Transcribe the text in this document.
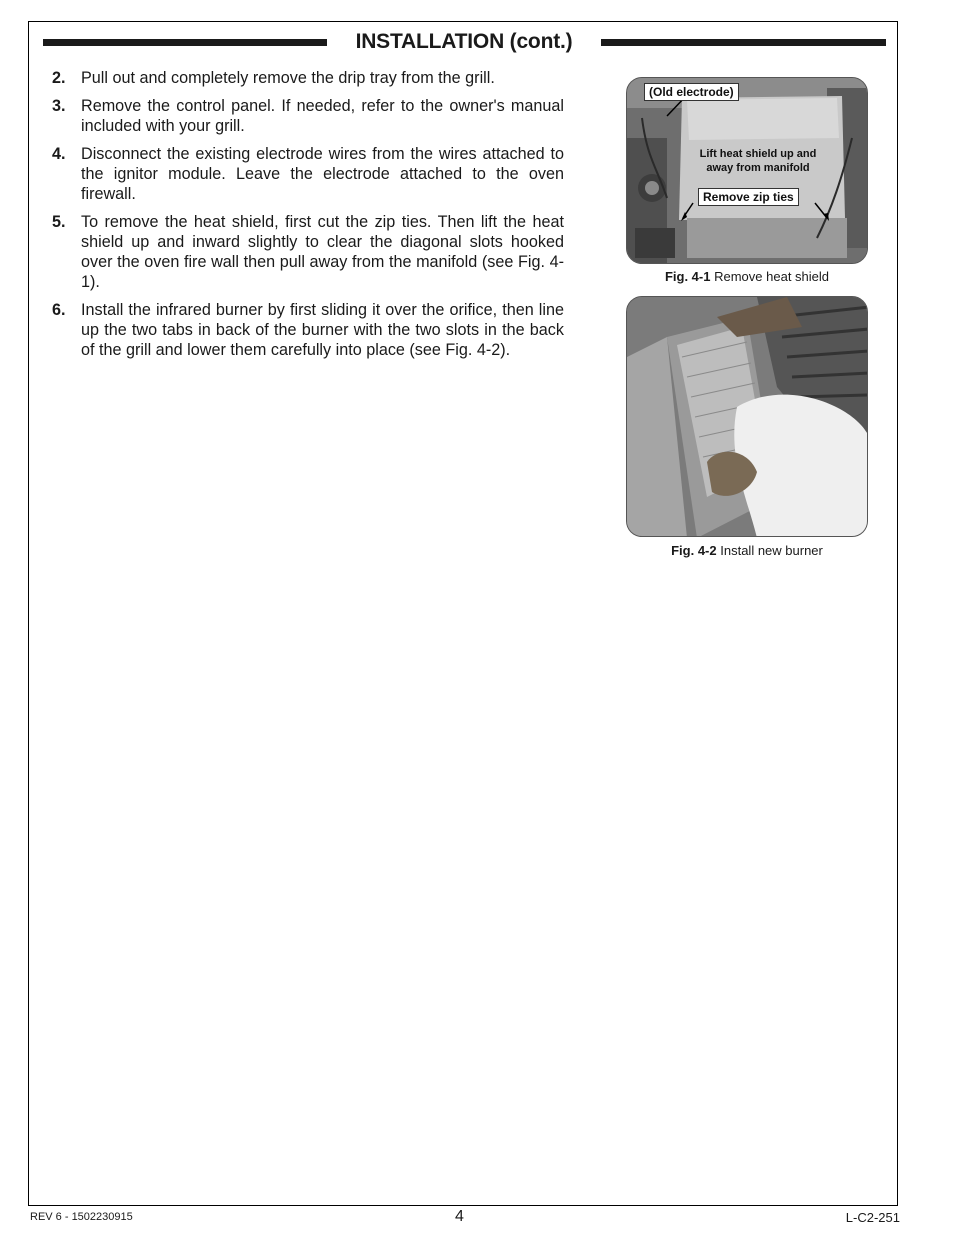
INSTALLATION (cont.)
2. Pull out and completely remove the drip tray from the grill.
3. Remove the control panel. If needed, refer to the owner's manual included with your grill.
4. Disconnect the existing electrode wires from the wires attached to the ignitor module. Leave the electrode attached to the oven firewall.
5. To remove the heat shield, first cut the zip ties. Then lift the heat shield up and inward slightly to clear the diagonal slots hooked over the oven fire wall then pull away from the manifold (see Fig. 4-1).
6. Install the infrared burner by first sliding it over the orifice, then line up the two tabs in back of the burner with the two slots in the back of the grill and lower them carefully into place (see Fig. 4-2).
(Old electrode)
Lift heat shield up and away from manifold
Remove zip ties
Fig. 4-1 Remove heat shield
Fig. 4-2 Install new burner
REV 6 - 1502230915	4	L-C2-251
